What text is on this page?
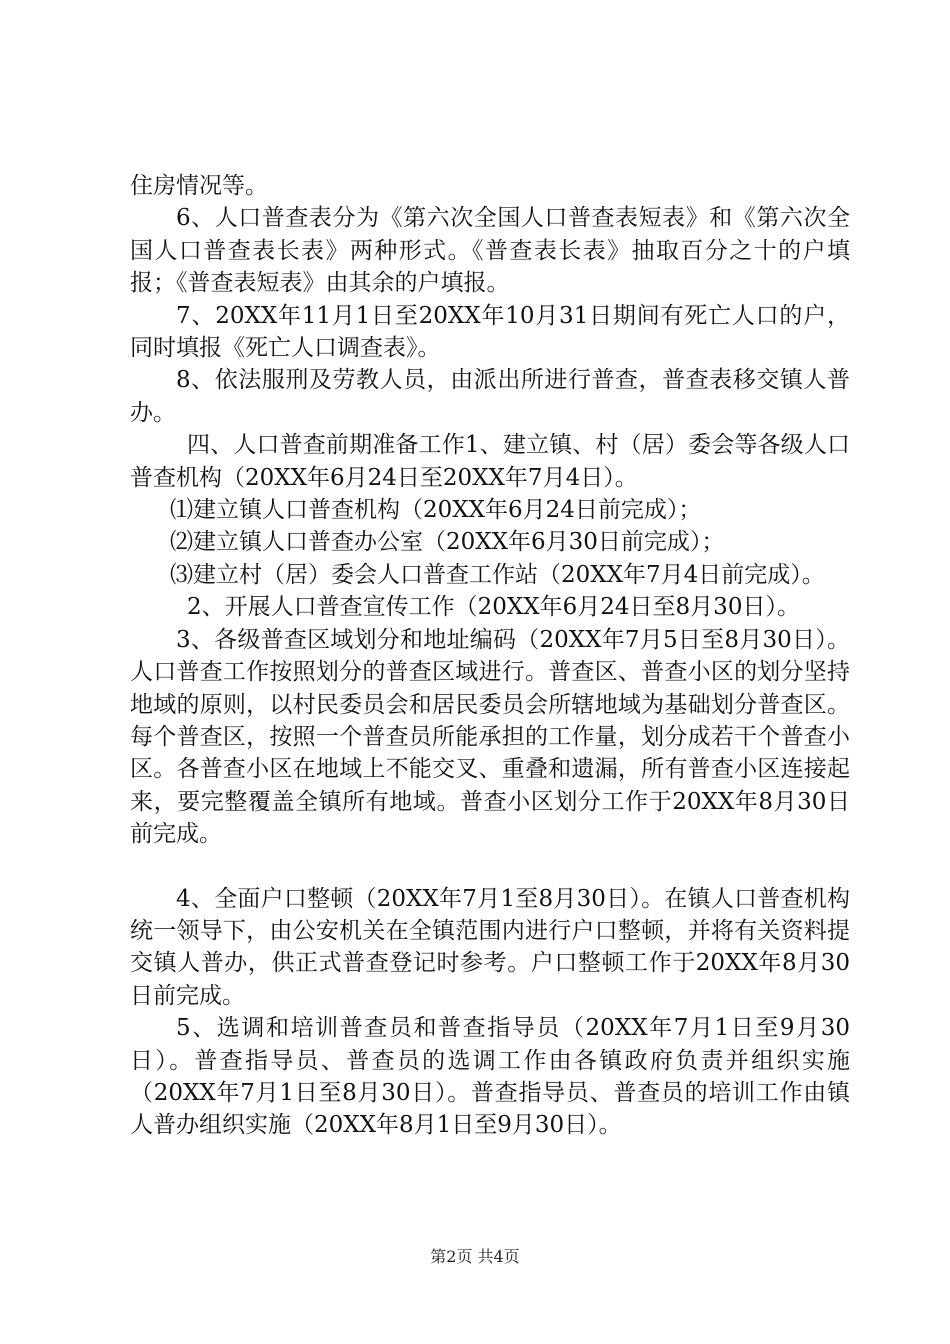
住房情况等。

6、人口普查表分为《第六次全国人口普查表短表》和《第六次全国人口普查表长表》两种形式。《普查表长表》抽取百分之十的户填报；《普查表短表》由其余的户填报。

7、20XX年11月1日至20XX年10月31日期间有死亡人口的户，同时填报《死亡人口调查表》。

8、依法服刑及劳教人员，由派出所进行普查，普查表移交镇人普办。

四、人口普查前期准备工作1、建立镇、村（居）委会等各级人口普查机构（20XX年6月24日至20XX年7月4日）。

⑴建立镇人口普查机构（20XX年6月24日前完成）；

⑵建立镇人口普查办公室（20XX年6月30日前完成）；

⑶建立村（居）委会人口普查工作站（20XX年7月4日前完成）。

2、开展人口普查宣传工作（20XX年6月24日至8月30日）。

3、各级普查区域划分和地址编码（20XX年7月5日至8月30日）。人口普查工作按照划分的普查区域进行。普查区、普查小区的划分坚持地域的原则，以村民委员会和居民委员会所辖地域为基础划分普查区。每个普查区，按照一个普查员所能承担的工作量，划分成若干个普查小区。各普查小区在地域上不能交叉、重叠和遗漏，所有普查小区连接起来，要完整覆盖全镇所有地域。普查小区划分工作于20XX年8月30日前完成。

4、全面户口整顿（20XX年7月1至8月30日）。在镇人口普查机构统一领导下，由公安机关在全镇范围内进行户口整顿，并将有关资料提交镇人普办，供正式普查登记时参考。户口整顿工作于20XX年8月30日前完成。

5、选调和培训普查员和普查指导员（20XX年7月1日至9月30日）。普查指导员、普查员的选调工作由各镇政府负责并组织实施（20XX年7月1日至8月30日）。普查指导员、普查员的培训工作由镇人普办组织实施（20XX年8月1日至9月30日）。

第2页 共4页
